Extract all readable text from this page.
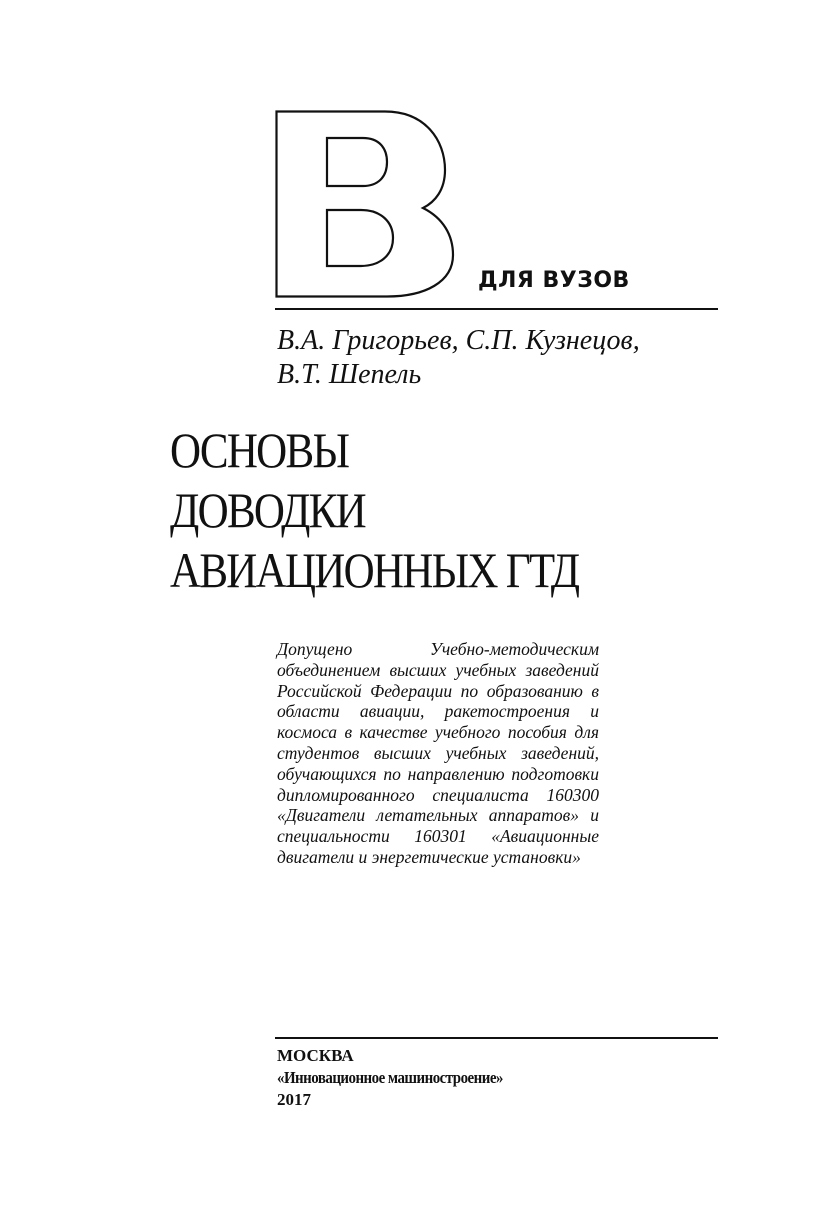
ДЛЯ ВУЗОВ
В.А. Григорьев, С.П. Кузнецов,
В.Т. Шепель
ОСНОВЫ
ДОВОДКИ
АВИАЦИОННЫХ ГТД
Допущено Учебно-методическим объединением высших учебных заведений Российской Федерации по образованию в области авиации, ракетостроения и космоса в качестве учебного пособия для студентов высших учебных заведений, обучающихся по направлению подготовки дипломированного специалиста 160300 «Двигатели летательных аппаратов» и специальности 160301 «Авиационные двигатели и энергетические установки»
МОСКВА
«Инновационное машиностроение»
2017
